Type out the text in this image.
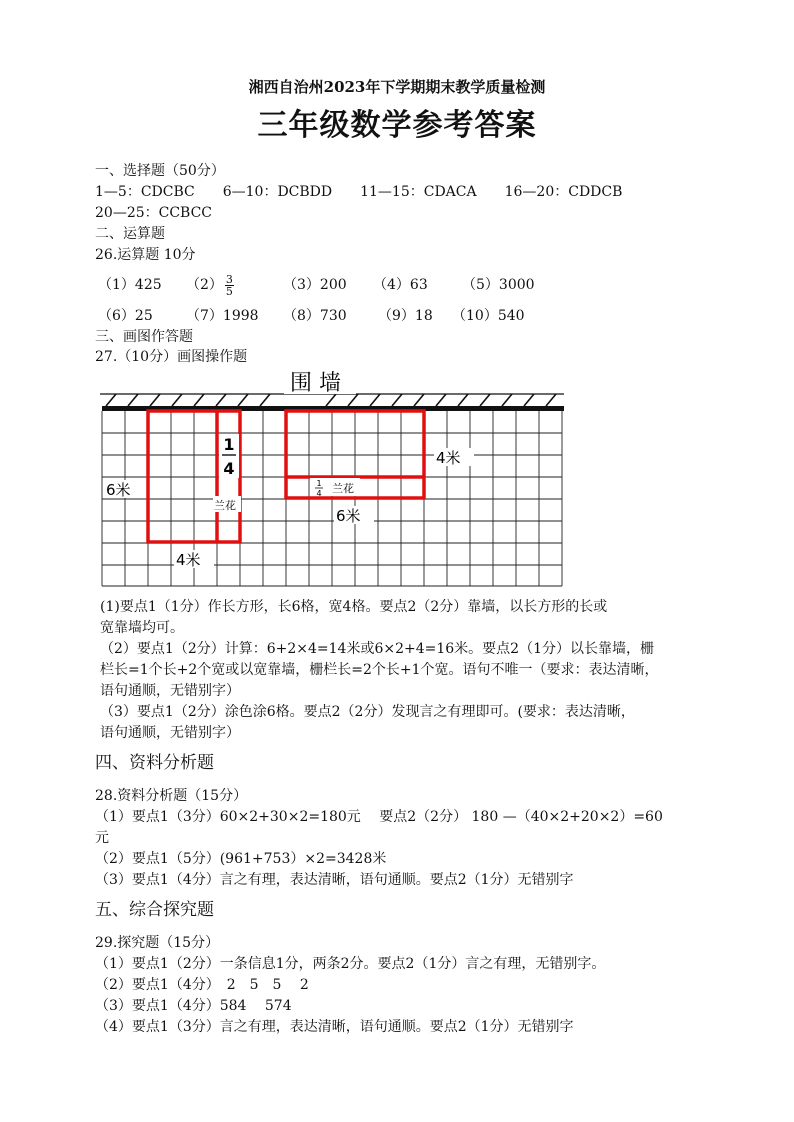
湘西自治州2023年下学期期末教学质量检测
三年级数学参考答案
一、选择题（50分）
1—5：CDCBC　　6—10：DCBDD　　11—15：CDACA　　16—20：CDDCB
20—25：CCBCC
二、运算题
26.运算题 10分
（1）425 $(2) \frac{3}{5}$	（3）200 （4）63 （5）3000
（6）25 （7）1998 （8）730 （9）18 （10）540
三、画图作答题
27.（10分）画图操作题
围 墙
1
4
兰花
6米
4米
4米
6米
1
4 兰花
(1)要点1（1分）作长方形，长6格，宽4格。要点2（2分）靠墙，以长方形的长或
宽靠墙均可。
（2）要点1（2分）计算：6+2×4=14米或6×2+4=16米。要点2（1分）以长靠墙，栅
栏长=1个长+2个宽或以宽靠墙，栅栏长=2个长+1个宽。语句不唯一（要求：表达清晰，
语句通顺，无错别字）
（3）要点1（2分）涂色涂6格。要点2（2分）发现言之有理即可。(要求：表达清晰，
语句通顺，无错别字）
四、资料分析题
28.资料分析题（15分）
（1）要点1（3分）60×2+30×2=180元　 要点2（2分） 180 —（40×2+20×2）=60
元
（2）要点1（5分）(961+753）×2=3428米
（3）要点1（4分）言之有理，表达清晰，语句通顺。要点2（1分）无错别字
五、综合探究题
29.探究题（15分）
（1）要点1（2分）一条信息1分，两条2分。要点2（1分）言之有理，无错别字。
（2）要点1（4分）　2　5　5　 2
（3）要点1（4分）584　 574
（4）要点1（3分）言之有理，表达清晰，语句通顺。要点2（1分）无错别字
